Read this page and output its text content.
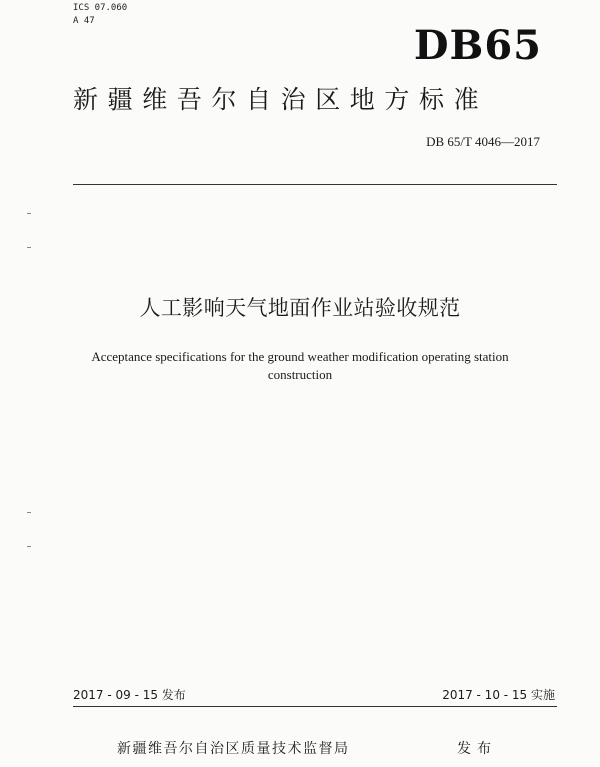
ICS 07.060
A 47
DB65
新疆维吾尔自治区地方标准
DB 65/T 4046—2017
人工影响天气地面作业站验收规范
Acceptance specifications for the ground weather modification operating station
construction
2017 - 09 - 15 发布	2017 - 10 - 15 实施
新疆维吾尔自治区质量技术监督局	发布
